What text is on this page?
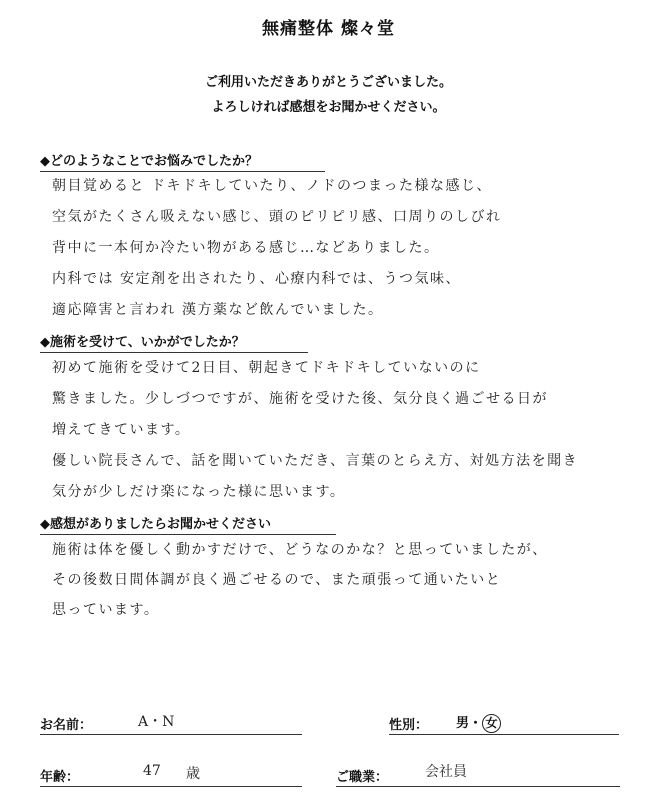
無痛整体 燦々堂
ご利用いただきありがとうございました。
よろしければ感想をお聞かせください。
◆どのようなことでお悩みでしたか？
朝目覚めると ドキドキしていたり、ノドのつまった様な感じ、
空気がたくさん吸えない感じ、頭のピリピリ感、口周りのしびれ
背中に一本何か冷たい物がある感じ…などありました。
内科では 安定剤を出されたり、心療内科では、うつ気味、
適応障害と言われ 漢方薬など飲んでいました。
◆施術を受けて、いかがでしたか？
初めて施術を受けて2日目、朝起きてドキドキしていないのに
驚きました。少しづつですが、施術を受けた後、気分良く過ごせる日が
増えてきています。
優しい院長さんで、話を聞いていただき、言葉のとらえ方、対処方法を聞き
気分が少しだけ楽になった様に思います。
◆感想がありましたらお聞かせください
施術は体を優しく動かすだけで、どうなのかな？と思っていましたが、
その後数日間体調が良く過ごせるので、また頑張って通いたいと
思っています。
お名前：	A・N	性別： 男・ 女
年齢：	47 歳	ご職業：	会社員
